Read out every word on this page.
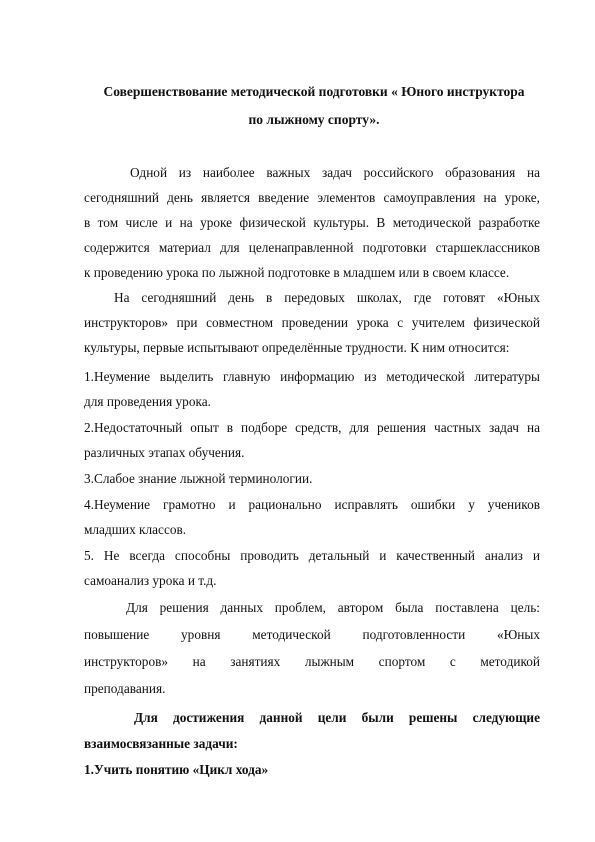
Совершенствование методической подготовки « Юного инструктора
по лыжному спорту».
Одной из наиболее важных задач российского образования на
сегодняшний день является введение элементов самоуправления на уроке,
в том числе и на уроке физической культуры. В методической разработке
содержится материал для целенаправленной подготовки старшеклассников
к проведению урока по лыжной подготовке в младшем или в своем классе.
На сегодняшний день в передовых школах, где готовят «Юных
инструкторов» при совместном проведении урока с учителем физической
культуры, первые испытывают определённые трудности. К ним относится:
1.Неумение выделить главную информацию из методической литературы
для проведения урока.
2.Недостаточный опыт в подборе средств, для решения частных задач на
различных этапах обучения.
3.Слабое знание лыжной терминологии.
4.Неумение грамотно и рационально исправлять ошибки у учеников
младших классов.
5. Не всегда способны проводить детальный и качественный анализ и
самоанализ урока и т.д.
Для решения данных проблем, автором была поставлена цель:
повышение уровня методической подготовленности «Юных
инструкторов» на занятиях лыжным спортом с методикой
преподавания.
Для достижения данной цели были решены следующие
взаимосвязанные задачи:
1.Учить понятию «Цикл хода»
